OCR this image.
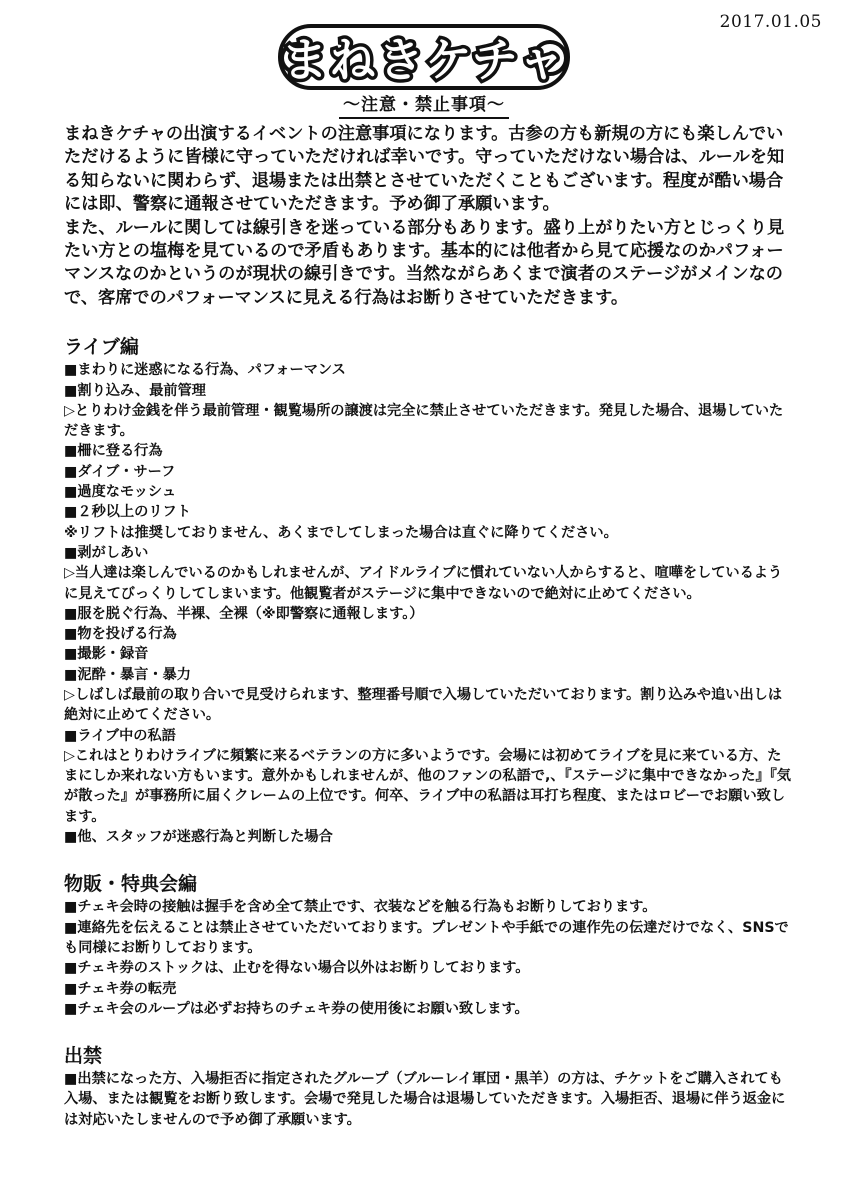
2017.01.05
まねきケチャ
〜注意・禁止事項〜

まねきケチャの出演するイベントの注意事項になります。古参の方も新規の方にも楽しんでいただけるように皆様に守っていただければ幸いです。守っていただけない場合は、ルールを知る知らないに関わらず、退場または出禁とさせていただくこともございます。程度が酷い場合には即、警察に通報させていただきます。予め御了承願います。

また、ルールに関しては線引きを迷っている部分もあります。盛り上がりたい方とじっくり見たい方との塩梅を見ているので矛盾もあります。基本的には他者から見て応援なのかパフォーマンスなのかというのが現状の線引きです。当然ながらあくまで演者のステージがメインなので、客席でのパフォーマンスに見える行為はお断りさせていただきます。

ライブ編

■まわりに迷惑になる行為、パフォーマンス

■割り込み、最前管理

▷とりわけ金銭を伴う最前管理・観覧場所の譲渡は完全に禁止させていただきます。発見した場合、退場していただきます。

■柵に登る行為

■ダイブ・サーフ

■過度なモッシュ

■２秒以上のリフト

※リフトは推奨しておりません、あくまでしてしまった場合は直ぐに降りてください。

■剥がしあい

▷当人達は楽しんでいるのかもしれませんが、アイドルライブに慣れていない人からすると、喧嘩をしているように見えてびっくりしてしまいます。他観覧者がステージに集中できないので絶対に止めてください。

■服を脱ぐ行為、半裸、全裸（※即警察に通報します。）

■物を投げる行為

■撮影・録音

■泥酔・暴言・暴力

▷しばしば最前の取り合いで見受けられます、整理番号順で入場していただいております。割り込みや追い出しは絶対に止めてください。

■ライブ中の私語

▷これはとりわけライブに頻繁に来るベテランの方に多いようです。会場には初めてライブを見に来ている方、たまにしか来れない方もいます。意外かもしれませんが、他のファンの私語で,、『ステージに集中できなかった』『気が散った』が事務所に届くクレームの上位です。何卒、ライブ中の私語は耳打ち程度、またはロビーでお願い致します。

■他、スタッフが迷惑行為と判断した場合

物販・特典会編

■チェキ会時の接触は握手を含め全て禁止です、衣装などを触る行為もお断りしております。

■連絡先を伝えることは禁止させていただいております。プレゼントや手紙での連作先の伝達だけでなく、SNSでも同様にお断りしております。

■チェキ券のストックは、止むを得ない場合以外はお断りしております。

■チェキ券の転売

■チェキ会のループは必ずお持ちのチェキ券の使用後にお願い致します。

出禁

■出禁になった方、入場拒否に指定されたグループ（ブルーレイ軍団・黒羊）の方は、チケットをご購入されても入場、または観覧をお断り致します。会場で発見した場合は退場していただきます。入場拒否、退場に伴う返金には対応いたしませんので予め御了承願います。
